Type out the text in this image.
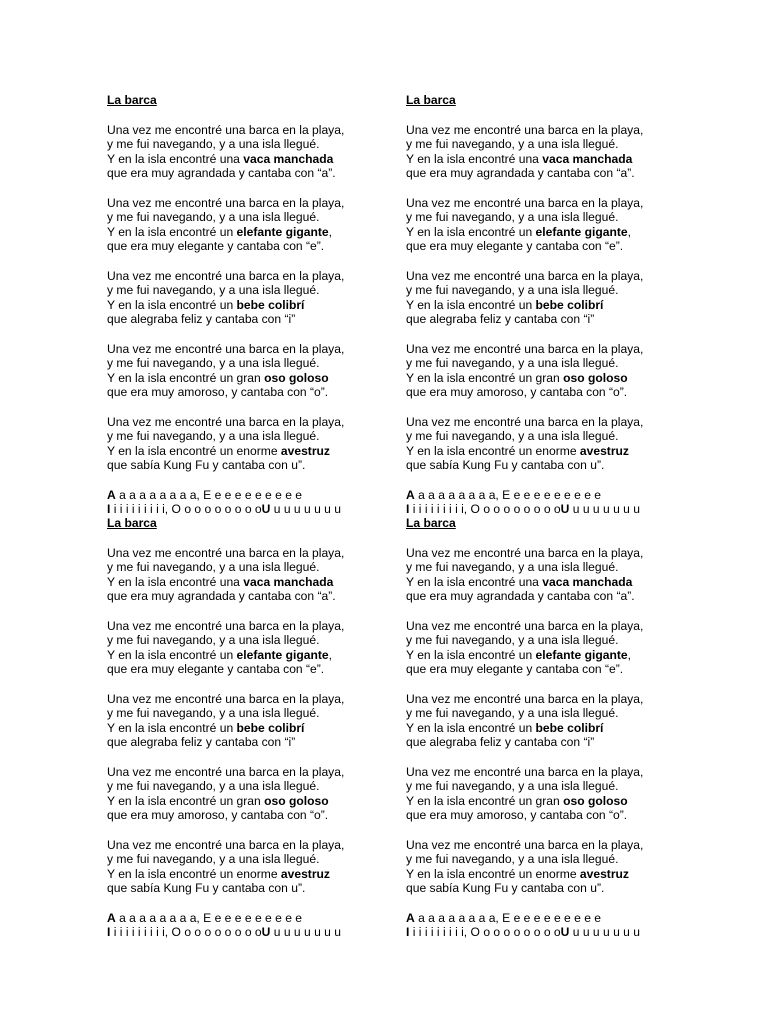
La barca
Una vez me encontré una barca en la playa,
y me fui navegando, y a una isla llegué.
Y en la isla encontré una vaca manchada
que era muy agrandada y cantaba con “a”.
Una vez me encontré una barca en la playa,
y me fui navegando, y a una isla llegué.
Y en la isla encontré un elefante gigante,
que era muy elegante y cantaba con “e”.
Una vez me encontré una barca en la playa,
y me fui navegando, y a una isla llegué.
Y en la isla encontré un bebe colibrí
que alegraba feliz y cantaba con “i”
Una vez me encontré una barca en la playa,
y me fui navegando, y a una isla llegué.
Y en la isla encontré un gran oso goloso
que era muy amoroso, y cantaba con “o”.
Una vez me encontré una barca en la playa,
y me fui navegando, y a una isla llegué.
Y en la isla encontré un enorme avestruz
que sabía Kung Fu y cantaba con u”.
A a a a a a a a a, E e e e e e e e e e
I i i i i i i i i i, O o o o o o o o oU u u u u u u u
La barca
Una vez me encontré una barca en la playa,
y me fui navegando, y a una isla llegué.
Y en la isla encontré una vaca manchada
que era muy agrandada y cantaba con “a”.
Una vez me encontré una barca en la playa,
y me fui navegando, y a una isla llegué.
Y en la isla encontré un elefante gigante,
que era muy elegante y cantaba con “e”.
Una vez me encontré una barca en la playa,
y me fui navegando, y a una isla llegué.
Y en la isla encontré un bebe colibrí
que alegraba feliz y cantaba con “i”
Una vez me encontré una barca en la playa,
y me fui navegando, y a una isla llegué.
Y en la isla encontré un gran oso goloso
que era muy amoroso, y cantaba con “o”.
Una vez me encontré una barca en la playa,
y me fui navegando, y a una isla llegué.
Y en la isla encontré un enorme avestruz
que sabía Kung Fu y cantaba con u”.
A a a a a a a a a, E e e e e e e e e e
I i i i i i i i i i, O o o o o o o o oU u u u u u u u
La barca
Una vez me encontré una barca en la playa,
y me fui navegando, y a una isla llegué.
Y en la isla encontré una vaca manchada
que era muy agrandada y cantaba con “a”.
Una vez me encontré una barca en la playa,
y me fui navegando, y a una isla llegué.
Y en la isla encontré un elefante gigante,
que era muy elegante y cantaba con “e”.
Una vez me encontré una barca en la playa,
y me fui navegando, y a una isla llegué.
Y en la isla encontré un bebe colibrí
que alegraba feliz y cantaba con “i”
Una vez me encontré una barca en la playa,
y me fui navegando, y a una isla llegué.
Y en la isla encontré un gran oso goloso
que era muy amoroso, y cantaba con “o”.
Una vez me encontré una barca en la playa,
y me fui navegando, y a una isla llegué.
Y en la isla encontré un enorme avestruz
que sabía Kung Fu y cantaba con u”.
A a a a a a a a a, E e e e e e e e e e
I i i i i i i i i i, O o o o o o o o oU u u u u u u u
La barca
Una vez me encontré una barca en la playa,
y me fui navegando, y a una isla llegué.
Y en la isla encontré una vaca manchada
que era muy agrandada y cantaba con “a”.
Una vez me encontré una barca en la playa,
y me fui navegando, y a una isla llegué.
Y en la isla encontré un elefante gigante,
que era muy elegante y cantaba con “e”.
Una vez me encontré una barca en la playa,
y me fui navegando, y a una isla llegué.
Y en la isla encontré un bebe colibrí
que alegraba feliz y cantaba con “i”
Una vez me encontré una barca en la playa,
y me fui navegando, y a una isla llegué.
Y en la isla encontré un gran oso goloso
que era muy amoroso, y cantaba con “o”.
Una vez me encontré una barca en la playa,
y me fui navegando, y a una isla llegué.
Y en la isla encontré un enorme avestruz
que sabía Kung Fu y cantaba con u”.
A a a a a a a a a, E e e e e e e e e e
I i i i i i i i i i, O o o o o o o o oU u u u u u u u
